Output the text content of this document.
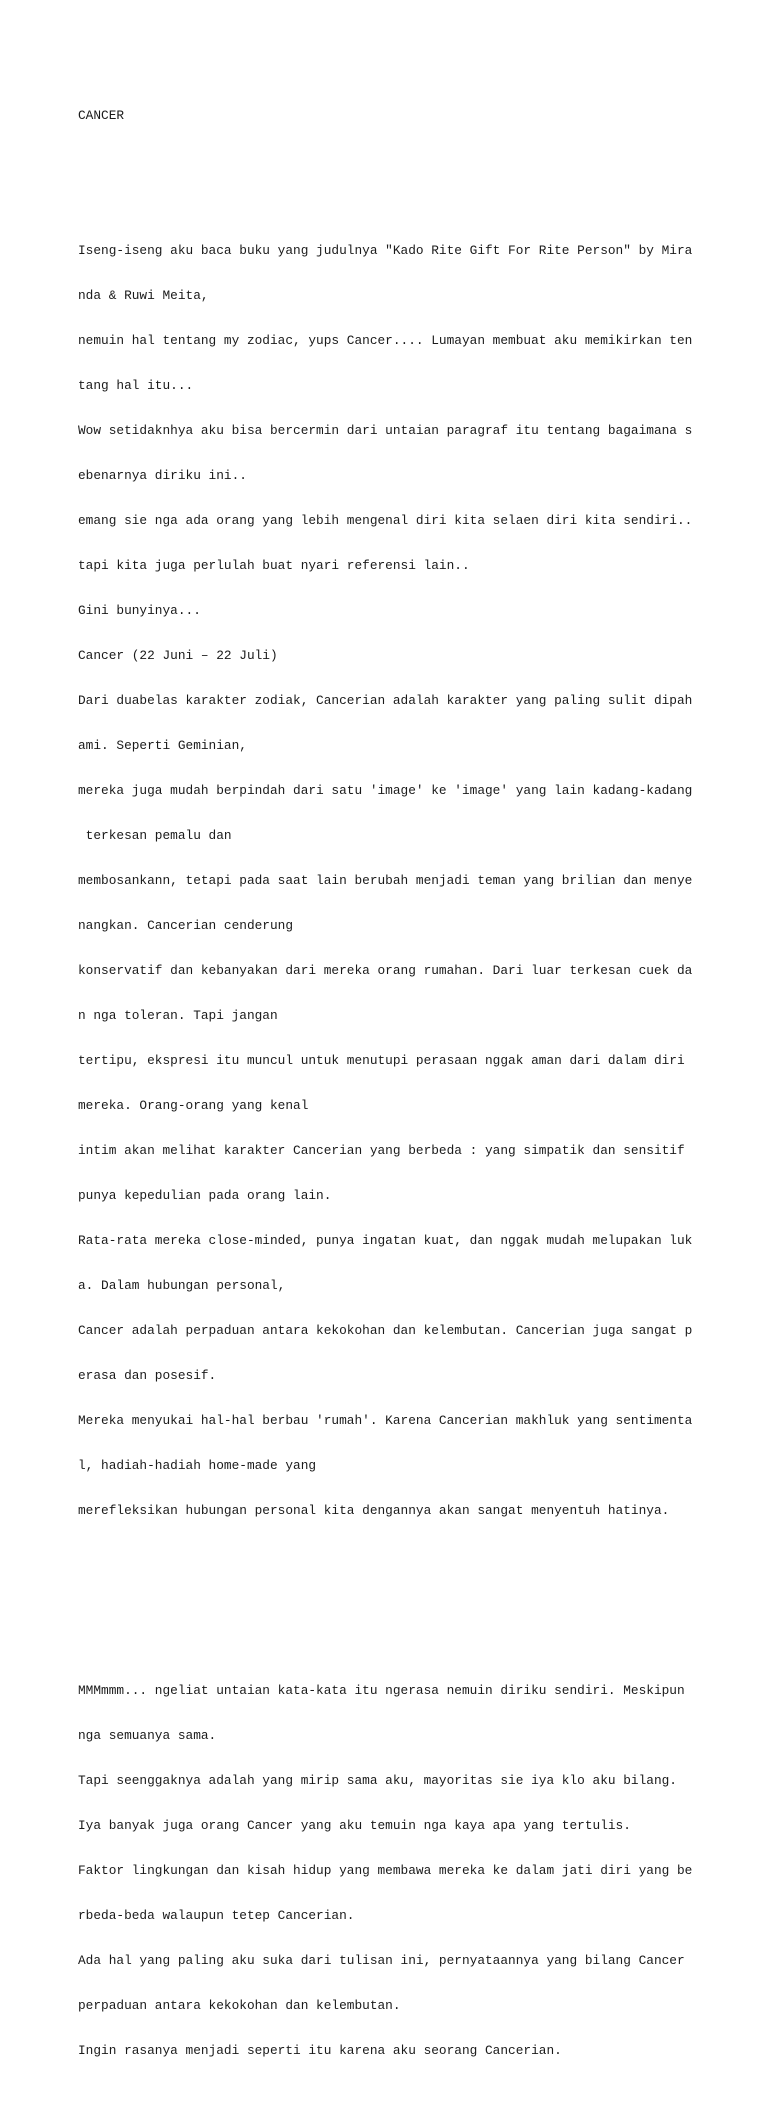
CANCER

Iseng-iseng aku baca buku yang judulnya "Kado Rite Gift For Rite Person" by Mira

nda & Ruwi Meita,

nemuin hal tentang my zodiac, yups Cancer.... Lumayan membuat aku memikirkan ten

tang hal itu...

Wow setidaknhya aku bisa bercermin dari untaian paragraf itu tentang bagaimana s

ebenarnya diriku ini..

emang sie nga ada orang yang lebih mengenal diri kita selaen diri kita sendiri..

tapi kita juga perlulah buat nyari referensi lain..

Gini bunyinya...

Cancer (22 Juni – 22 Juli)

Dari duabelas karakter zodiak, Cancerian adalah karakter yang paling sulit dipah

ami. Seperti Geminian,

mereka juga mudah berpindah dari satu 'image' ke 'image' yang lain kadang-kadang

terkesan pemalu dan

membosankann, tetapi pada saat lain berubah menjadi teman yang brilian dan menye

nangkan. Cancerian cenderung

konservatif dan kebanyakan dari mereka orang rumahan. Dari luar terkesan cuek da

n nga toleran. Tapi jangan

tertipu, ekspresi itu muncul untuk menutupi perasaan nggak aman dari dalam diri

mereka. Orang-orang yang kenal

intim akan melihat karakter Cancerian yang berbeda : yang simpatik dan sensitif

punya kepedulian pada orang lain.

Rata-rata mereka close-minded, punya ingatan kuat, dan nggak mudah melupakan luk

a. Dalam hubungan personal,

Cancer adalah perpaduan antara kekokohan dan kelembutan. Cancerian juga sangat p

erasa dan posesif.

Mereka menyukai hal-hal berbau 'rumah'. Karena Cancerian makhluk yang sentimenta

l, hadiah-hadiah home-made yang

merefleksikan hubungan personal kita dengannya akan sangat menyentuh hatinya.

MMMmmm... ngeliat untaian kata-kata itu ngerasa nemuin diriku sendiri. Meskipun

nga semuanya sama.

Tapi seenggaknya adalah yang mirip sama aku, mayoritas sie iya klo aku bilang.

Iya banyak juga orang Cancer yang aku temuin nga kaya apa yang tertulis.

Faktor lingkungan dan kisah hidup yang membawa mereka ke dalam jati diri yang be

rbeda-beda walaupun tetep Cancerian.

Ada hal yang paling aku suka dari tulisan ini, pernyataannya yang bilang Cancer

perpaduan antara kekokohan dan kelembutan.

Ingin rasanya menjadi seperti itu karena aku seorang Cancerian.
